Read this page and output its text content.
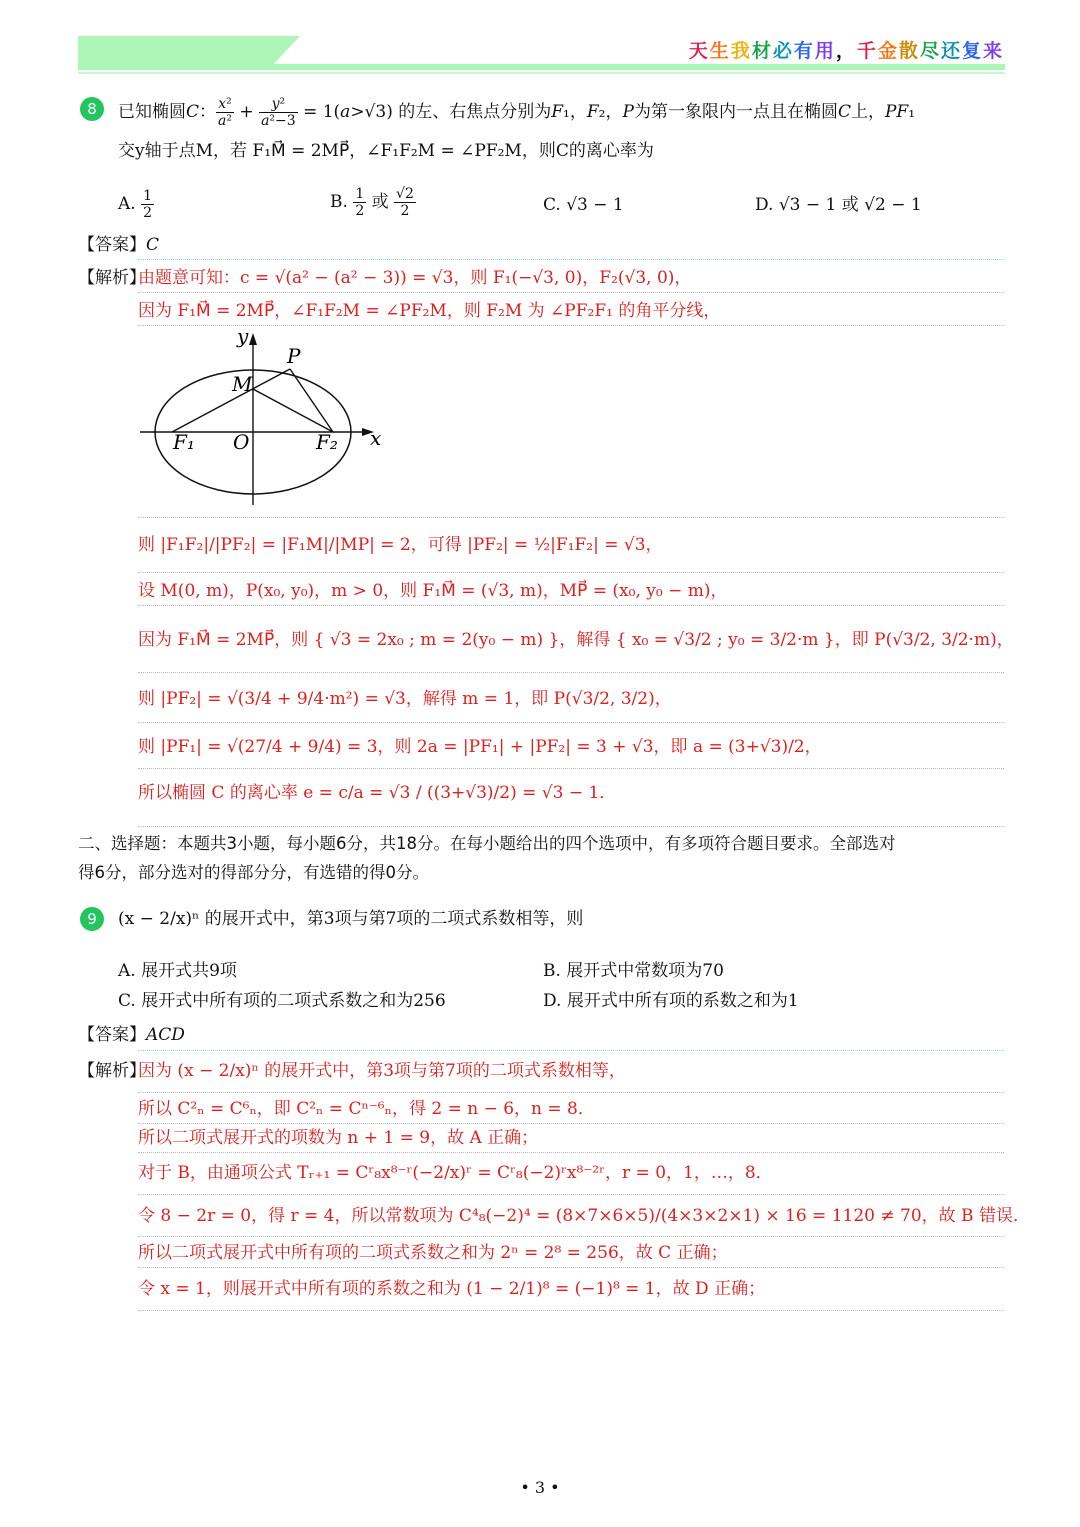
天生我材必有用，千金散尽还复来
8	已知椭圆C： $\frac{\text{x²}}{\text{a²}} + \frac{\text{y²}}{\text{a²−3}} = 1(a>√3)$ 的左、右焦点分别为F₁，F₂，P为第一象限内一点且在椭圆C上，PF₁
交y轴于点M，若 F₁M⃗ = 2MP⃗，∠F₁F₂M = ∠PF₂M，则C的离心率为
A. $\frac{1}{2}$	B. $\frac{1}{2}$ 或 $\frac{√2}{2}$	C. √3 − 1	D. √3 − 1 或 √2 − 1
【答案】C
【解析】
由题意可知：c = √(a² − (a² − 3)) = √3，则 F₁(−√3, 0)，F₂(√3, 0)，
因为 F₁M⃗ = 2MP⃗，∠F₁F₂M = ∠PF₂M，则 F₂M 为 ∠PF₂F₁ 的角平分线，
y
x
P
M
F₁ O	F₂
则 |F₁F₂|/|PF₂| = |F₁M|/|MP| = 2，可得 |PF₂| = ½|F₁F₂| = √3，
设 M(0, m)，P(x₀, y₀)，m > 0，则 F₁M⃗ = (√3, m)，MP⃗ = (x₀, y₀ − m)，
因为 F₁M⃗ = 2MP⃗，则 { √3 = 2x₀ ; m = 2(y₀ − m) }，解得 { x₀ = √3/2 ; y₀ = 3/2·m }，即 P(√3/2, 3/2·m)，
则 |PF₂| = √(3/4 + 9/4·m²) = √3，解得 m = 1，即 P(√3/2, 3/2)，
则 |PF₁| = √(27/4 + 9/4) = 3，则 2a = |PF₁| + |PF₂| = 3 + √3，即 a = (3+√3)/2，
所以椭圆 C 的离心率 e = c/a = √3 / ((3+√3)/2) = √3 − 1．
二、选择题：本题共3小题，每小题6分，共18分。在每小题给出的四个选项中，有多项符合题目要求。全部选对
得6分，部分选对的得部分分，有选错的得0分。
9	(x − 2/x)ⁿ 的展开式中，第3项与第7项的二项式系数相等，则
A. 展开式共9项	B. 展开式中常数项为70
C. 展开式中所有项的二项式系数之和为256	D. 展开式中所有项的系数之和为1
【答案】ACD
【解析】
因为 (x − 2/x)ⁿ 的展开式中，第3项与第7项的二项式系数相等，
所以 C²ₙ = C⁶ₙ，即 C²ₙ = Cⁿ⁻⁶ₙ，得 2 = n − 6，n = 8．
所以二项式展开式的项数为 n + 1 = 9，故 A 正确；
对于 B，由通项公式 Tᵣ₊₁ = Cʳ₈x⁸⁻ʳ(−2/x)ʳ = Cʳ₈(−2)ʳx⁸⁻²ʳ，r = 0，1，…，8．
令 8 − 2r = 0，得 r = 4，所以常数项为 C⁴₈(−2)⁴ = (8×7×6×5)/(4×3×2×1) × 16 = 1120 ≠ 70，故 B 错误．
所以二项式展开式中所有项的二项式系数之和为 2ⁿ = 2⁸ = 256，故 C 正确；
令 x = 1，则展开式中所有项的系数之和为 (1 − 2/1)⁸ = (−1)⁸ = 1，故 D 正确；
• 3 •
